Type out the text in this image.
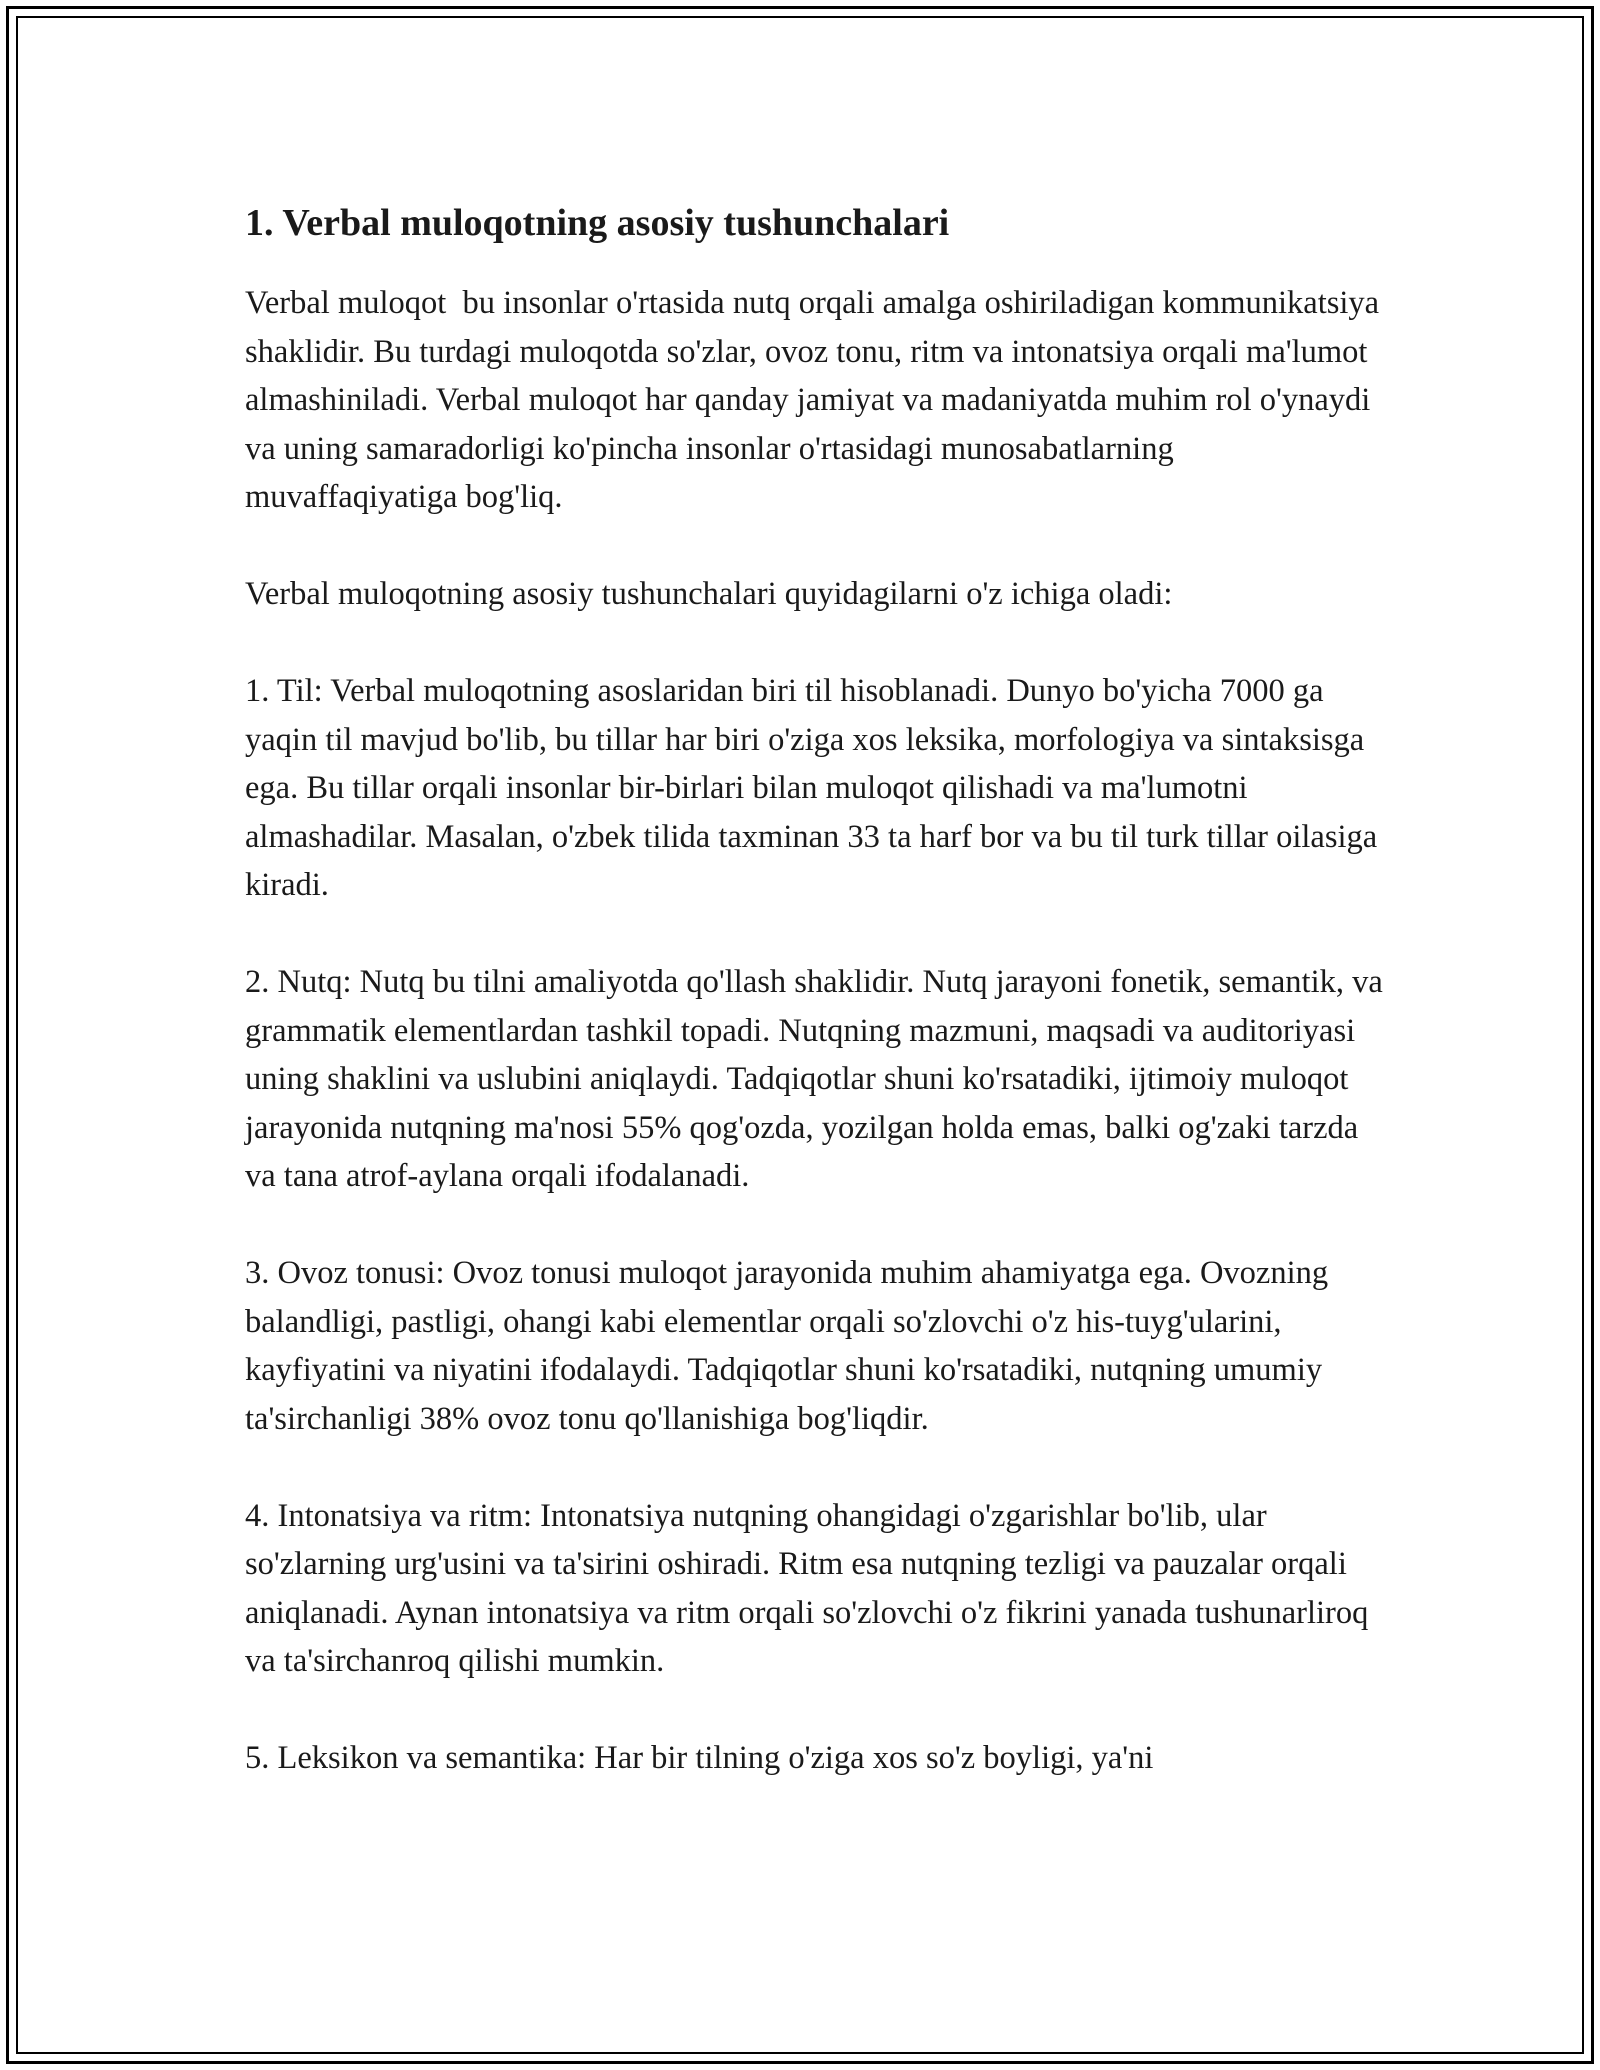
1. Verbal muloqotning asosiy tushunchalari

Verbal muloqot  bu insonlar o'rtasida nutq orqali amalga oshiriladigan kommunikatsiya shaklidir. Bu turdagi muloqotda so'zlar, ovoz tonu, ritm va intonatsiya orqali ma'lumot almashiniladi. Verbal muloqot har qanday jamiyat va madaniyatda muhim rol o'ynaydi va uning samaradorligi ko'pincha insonlar o'rtasidagi munosabatlarning muvaffaqiyatiga bog'liq.

Verbal muloqotning asosiy tushunchalari quyidagilarni o'z ichiga oladi:

1. Til: Verbal muloqotning asoslaridan biri til hisoblanadi. Dunyo bo'yicha 7000 ga yaqin til mavjud bo'lib, bu tillar har biri o'ziga xos leksika, morfologiya va sintaksisga ega. Bu tillar orqali insonlar bir-birlari bilan muloqot qilishadi va ma'lumotni almashadilar. Masalan, o'zbek tilida taxminan 33 ta harf bor va bu til turk tillar oilasiga kiradi.

2. Nutq: Nutq bu tilni amaliyotda qo'llash shaklidir. Nutq jarayoni fonetik, semantik, va grammatik elementlardan tashkil topadi. Nutqning mazmuni, maqsadi va auditoriyasi uning shaklini va uslubini aniqlaydi. Tadqiqotlar shuni ko'rsatadiki, ijtimoiy muloqot jarayonida nutqning ma'nosi 55% qog'ozda, yozilgan holda emas, balki og'zaki tarzda va tana atrof-aylana orqali ifodalanadi.

3. Ovoz tonusi: Ovoz tonusi muloqot jarayonida muhim ahamiyatga ega. Ovozning balandligi, pastligi, ohangi kabi elementlar orqali so'zlovchi o'z his-tuyg'ularini, kayfiyatini va niyatini ifodalaydi. Tadqiqotlar shuni ko'rsatadiki, nutqning umumiy ta'sirchanligi 38% ovoz tonu qo'llanishiga bog'liqdir.

4. Intonatsiya va ritm: Intonatsiya nutqning ohangidagi o'zgarishlar bo'lib, ular so'zlarning urg'usini va ta'sirini oshiradi. Ritm esa nutqning tezligi va pauzalar orqali aniqlanadi. Aynan intonatsiya va ritm orqali so'zlovchi o'z fikrini yanada tushunarliroq va ta'sirchanroq qilishi mumkin.

5. Leksikon va semantika: Har bir tilning o'ziga xos so'z boyligi, ya'ni
